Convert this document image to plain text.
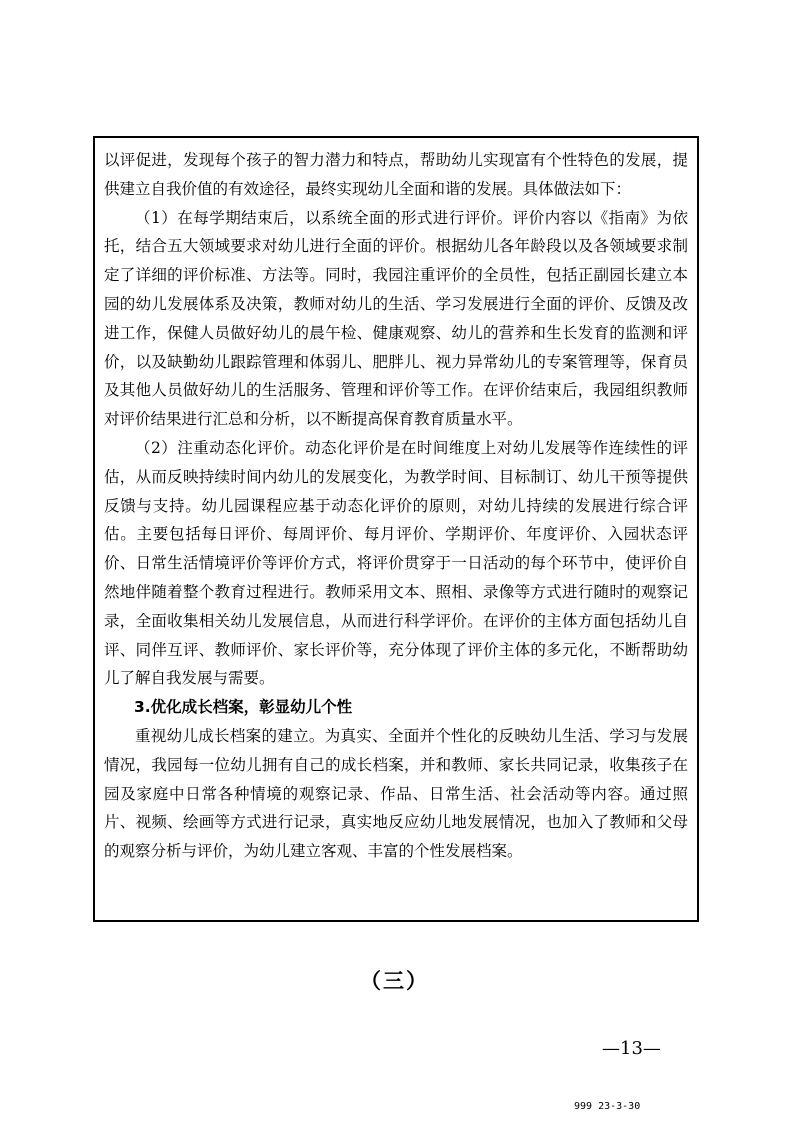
以评促进，发现每个孩子的智力潜力和特点，帮助幼儿实现富有个性特色的发展，提供建立自我价值的有效途径，最终实现幼儿全面和谐的发展。具体做法如下：

（1）在每学期结束后，以系统全面的形式进行评价。评价内容以《指南》为依托，结合五大领域要求对幼儿进行全面的评价。根据幼儿各年龄段以及各领域要求制定了详细的评价标准、方法等。同时，我园注重评价的全员性，包括正副园长建立本园的幼儿发展体系及决策，教师对幼儿的生活、学习发展进行全面的评价、反馈及改进工作，保健人员做好幼儿的晨午检、健康观察、幼儿的营养和生长发育的监测和评价，以及缺勤幼儿跟踪管理和体弱儿、肥胖儿、视力异常幼儿的专案管理等，保育员及其他人员做好幼儿的生活服务、管理和评价等工作。在评价结束后，我园组织教师对评价结果进行汇总和分析，以不断提高保育教育质量水平。

（2）注重动态化评价。动态化评价是在时间维度上对幼儿发展等作连续性的评估，从而反映持续时间内幼儿的发展变化，为教学时间、目标制订、幼儿干预等提供反馈与支持。幼儿园课程应基于动态化评价的原则，对幼儿持续的发展进行综合评估。主要包括每日评价、每周评价、每月评价、学期评价、年度评价、入园状态评价、日常生活情境评价等评价方式，将评价贯穿于一日活动的每个环节中，使评价自然地伴随着整个教育过程进行。教师采用文本、照相、录像等方式进行随时的观察记录，全面收集相关幼儿发展信息，从而进行科学评价。在评价的主体方面包括幼儿自评、同伴互评、教师评价、家长评价等，充分体现了评价主体的多元化，不断帮助幼儿了解自我发展与需要。

3.优化成长档案，彰显幼儿个性

重视幼儿成长档案的建立。为真实、全面并个性化的反映幼儿生活、学习与发展情况，我园每一位幼儿拥有自己的成长档案，并和教师、家长共同记录，收集孩子在园及家庭中日常各种情境的观察记录、作品、日常生活、社会活动等内容。通过照片、视频、绘画等方式进行记录，真实地反应幼儿地发展情况，也加入了教师和父母的观察分析与评价，为幼儿建立客观、丰富的个性发展档案。

（三）
—13—
999 23-3-30
